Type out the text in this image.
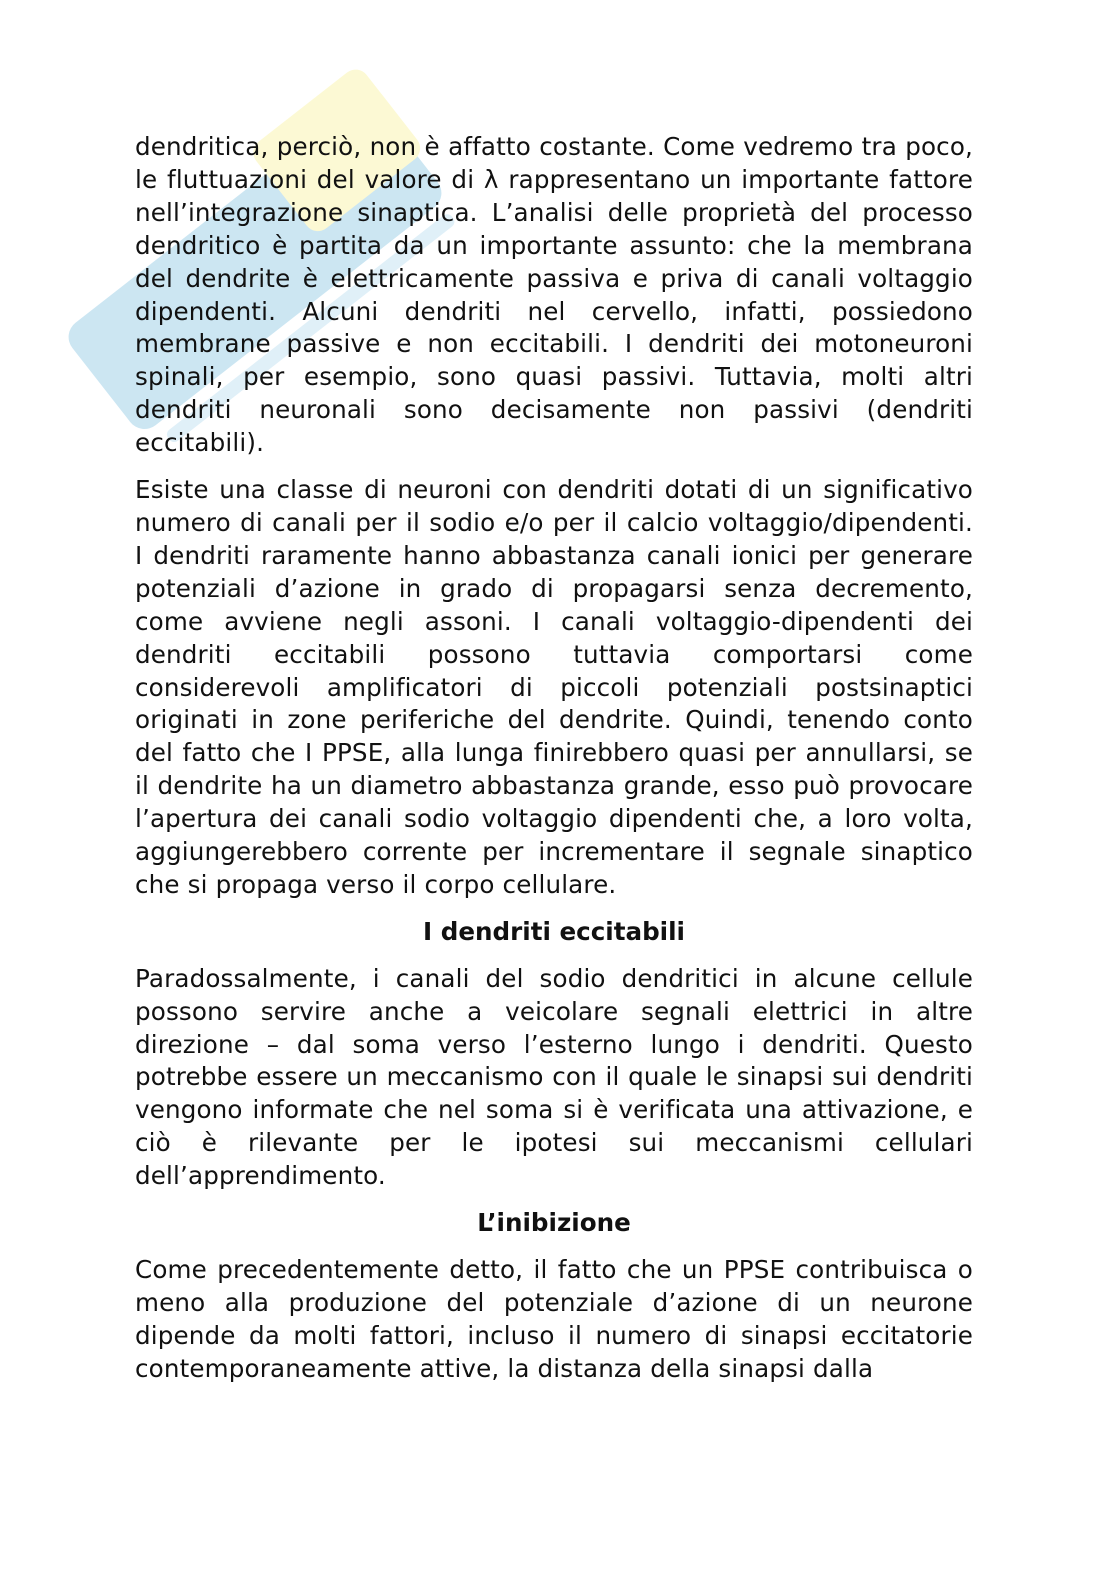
dendritica, perciò, non è affatto costante. Come vedremo tra poco, le fluttuazioni del valore di λ rappresentano un importante fattore nell’integrazione sinaptica. L’analisi delle proprietà del processo dendritico è partita da un importante assunto: che la membrana del dendrite è elettricamente passiva e priva di canali voltaggio dipendenti. Alcuni dendriti nel cervello, infatti, possiedono membrane passive e non eccitabili. I dendriti dei motoneuroni spinali, per esempio, sono quasi passivi. Tuttavia, molti altri dendriti neuronali sono decisamente non passivi (dendriti eccitabili).

Esiste una classe di neuroni con dendriti dotati di un significativo numero di canali per il sodio e/o per il calcio voltaggio/dipendenti. I dendriti raramente hanno abbastanza canali ionici per generare potenziali d’azione in grado di propagarsi senza decremento, come avviene negli assoni. I canali voltaggio-dipendenti dei dendriti eccitabili possono tuttavia comportarsi come considerevoli amplificatori di piccoli potenziali postsinaptici originati in zone periferiche del dendrite. Quindi, tenendo conto del fatto che I PPSE, alla lunga finirebbero quasi per annullarsi, se il dendrite ha un diametro abbastanza grande, esso può provocare l’apertura dei canali sodio voltaggio dipendenti che, a loro volta, aggiungerebbero corrente per incrementare il segnale sinaptico che si propaga verso il corpo cellulare.

I dendriti eccitabili

Paradossalmente, i canali del sodio dendritici in alcune cellule possono servire anche a veicolare segnali elettrici in altre direzione – dal soma verso l’esterno lungo i dendriti. Questo potrebbe essere un meccanismo con il quale le sinapsi sui dendriti vengono informate che nel soma si è verificata una attivazione, e ciò è rilevante per le ipotesi sui meccanismi cellulari dell’apprendimento.

L’inibizione

Come precedentemente detto, il fatto che un PPSE contribuisca o meno alla produzione del potenziale d’azione di un neurone dipende da molti fattori, incluso il numero di sinapsi eccitatorie contemporaneamente attive, la distanza della sinapsi dalla
